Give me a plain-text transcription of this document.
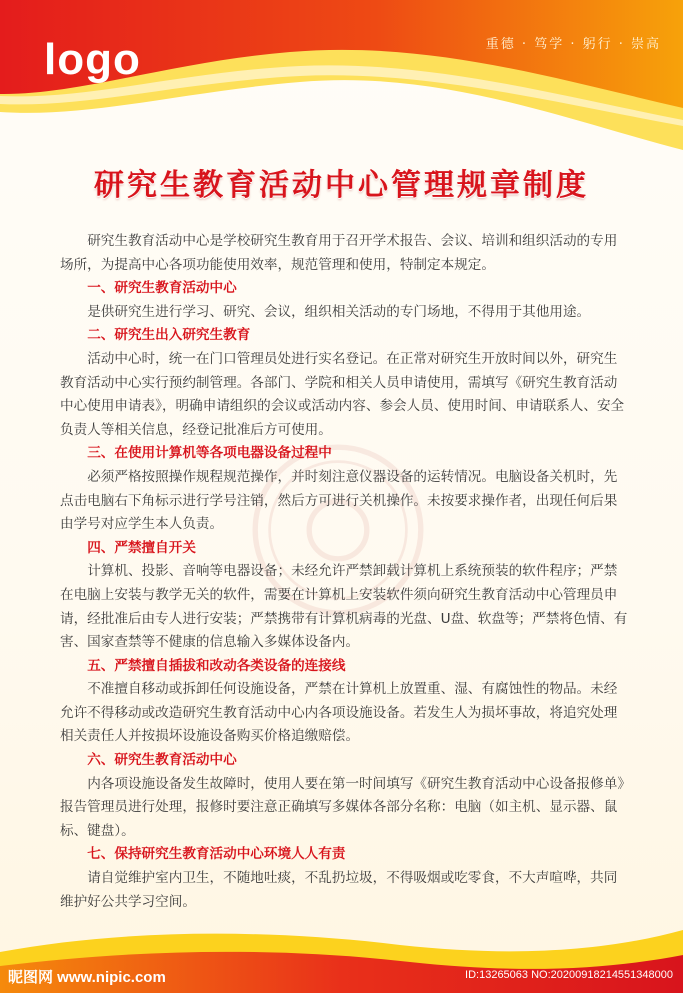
logo	重德 · 笃学 · 躬行 · 崇高
研究生教育活动中心管理规章制度

研究生教育活动中心是学校研究生教育用于召开学术报告、会议、培训和组织活动的专用场所，为提高中心各项功能使用效率，规范管理和使用，特制定本规定。

一、研究生教育活动中心

是供研究生进行学习、研究、会议，组织相关活动的专门场地，不得用于其他用途。

二、研究生出入研究生教育

活动中心时，统一在门口管理员处进行实名登记。在正常对研究生开放时间以外，研究生教育活动中心实行预约制管理。各部门、学院和相关人员申请使用，需填写《研究生教育活动中心使用申请表》，明确申请组织的会议或活动内容、参会人员、使用时间、申请联系人、安全负责人等相关信息，经登记批准后方可使用。

三、在使用计算机等各项电器设备过程中

必须严格按照操作规程规范操作，并时刻注意仪器设备的运转情况。电脑设备关机时，先点击电脑右下角标示进行学号注销，然后方可进行关机操作。未按要求操作者，出现任何后果由学号对应学生本人负责。

四、严禁擅自开关

计算机、投影、音响等电器设备；未经允许严禁卸载计算机上系统预装的软件程序；严禁在电脑上安装与教学无关的软件，需要在计算机上安装软件须向研究生教育活动中心管理员申请，经批准后由专人进行安装；严禁携带有计算机病毒的光盘、U盘、软盘等；严禁将色情、有害、国家查禁等不健康的信息输入多媒体设备内。

五、严禁擅自插拔和改动各类设备的连接线

不准擅自移动或拆卸任何设施设备，严禁在计算机上放置重、湿、有腐蚀性的物品。未经允许不得移动或改造研究生教育活动中心内各项设施设备。若发生人为损坏事故，将追究处理相关责任人并按损坏设施设备购买价格追缴赔偿。

六、研究生教育活动中心

内各项设施设备发生故障时，使用人要在第一时间填写《研究生教育活动中心设备报修单》报告管理员进行处理，报修时要注意正确填写多媒体各部分名称：电脑（如主机、显示器、鼠标、键盘）。

七、保持研究生教育活动中心环境人人有责

请自觉维护室内卫生，不随地吐痰，不乱扔垃圾，不得吸烟或吃零食，不大声喧哗，共同维护好公共学习空间。

昵图网 www.nipic.com	ID:13265063 NO:20200918214551348000
